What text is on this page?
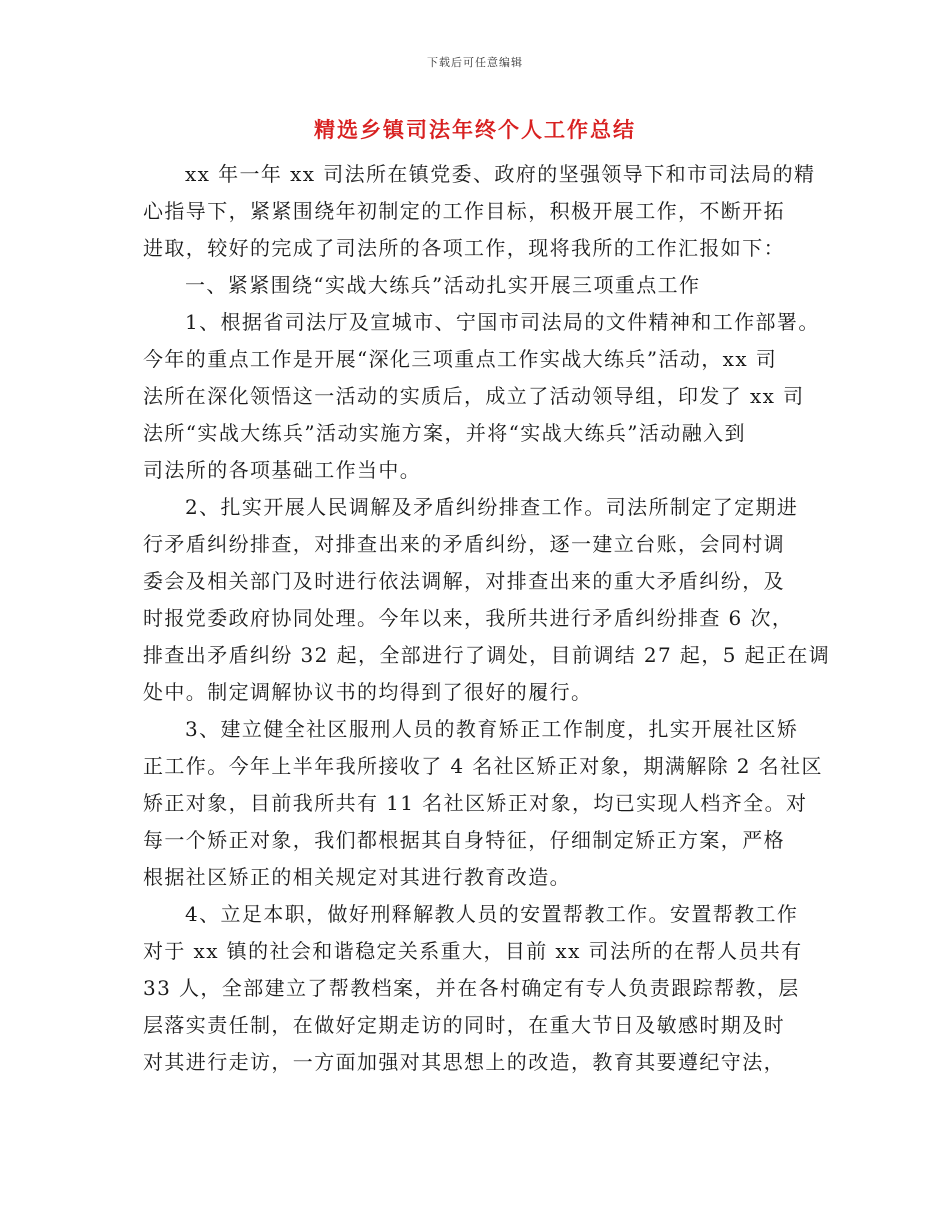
下载后可任意编辑
精选乡镇司法年终个人工作总结
xx 年一年 xx 司法所在镇党委、政府的坚强领导下和市司法局的精
心指导下，紧紧围绕年初制定的工作目标，积极开展工作，不断开拓
进取，较好的完成了司法所的各项工作，现将我所的工作汇报如下：
一、紧紧围绕“实战大练兵”活动扎实开展三项重点工作
1、根据省司法厅及宣城市、宁国市司法局的文件精神和工作部署。
今年的重点工作是开展“深化三项重点工作实战大练兵”活动，xx 司
法所在深化领悟这一活动的实质后，成立了活动领导组，印发了 xx 司
法所“实战大练兵”活动实施方案，并将“实战大练兵”活动融入到
司法所的各项基础工作当中。
2、扎实开展人民调解及矛盾纠纷排查工作。司法所制定了定期进
行矛盾纠纷排查，对排查出来的矛盾纠纷，逐一建立台账，会同村调
委会及相关部门及时进行依法调解，对排查出来的重大矛盾纠纷，及
时报党委政府协同处理。今年以来，我所共进行矛盾纠纷排查 6 次，
排查出矛盾纠纷 32 起，全部进行了调处，目前调结 27 起，5 起正在调
处中。制定调解协议书的均得到了很好的履行。
3、建立健全社区服刑人员的教育矫正工作制度，扎实开展社区矫
正工作。今年上半年我所接收了 4 名社区矫正对象，期满解除 2 名社区
矫正对象，目前我所共有 11 名社区矫正对象，均已实现人档齐全。对
每一个矫正对象，我们都根据其自身特征，仔细制定矫正方案，严格
根据社区矫正的相关规定对其进行教育改造。
4、立足本职，做好刑释解教人员的安置帮教工作。安置帮教工作
对于 xx 镇的社会和谐稳定关系重大，目前 xx 司法所的在帮人员共有
33 人，全部建立了帮教档案，并在各村确定有专人负责跟踪帮教，层
层落实责任制，在做好定期走访的同时，在重大节日及敏感时期及时
对其进行走访，一方面加强对其思想上的改造，教育其要遵纪守法，
